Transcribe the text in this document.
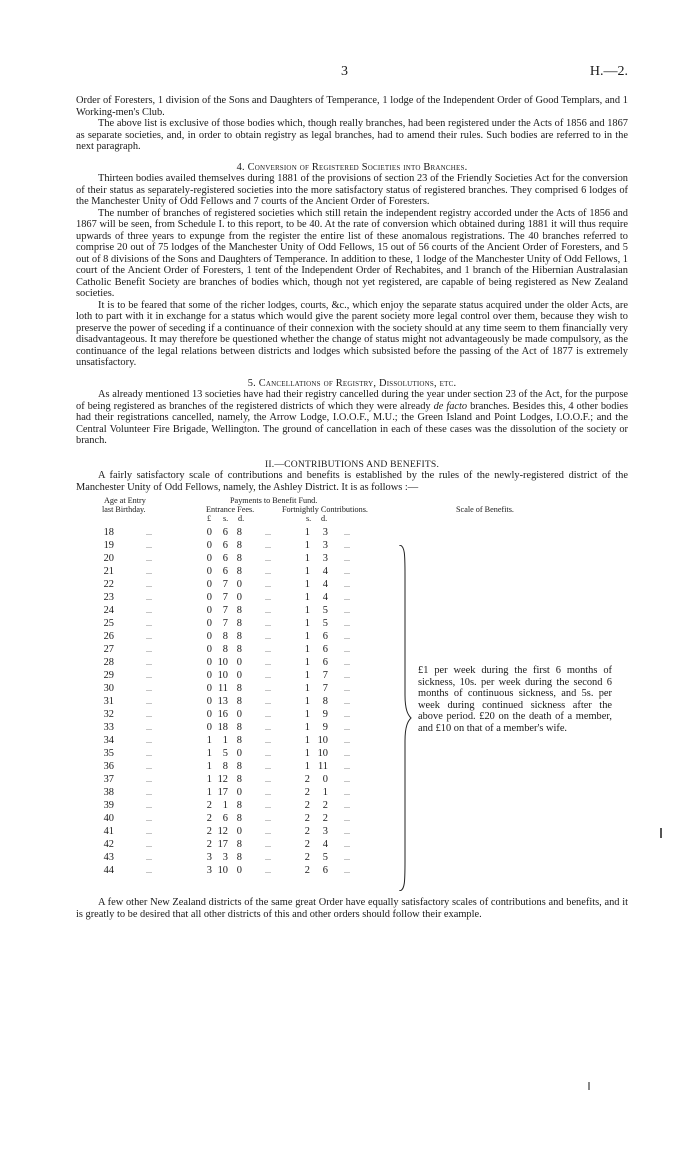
3	H.—2.

Order of Foresters, 1 division of the Sons and Daughters of Temperance, 1 lodge of the Independent Order of Good Templars, and 1 Working-men's Club.

The above list is exclusive of those bodies which, though really branches, had been registered under the Acts of 1856 and 1867 as separate societies, and, in order to obtain registry as legal branches, had to amend their rules. Such bodies are referred to in the next paragraph.

4. Conversion of Registered Societies into Branches.

Thirteen bodies availed themselves during 1881 of the provisions of section 23 of the Friendly Societies Act for the conversion of their status as separately-registered societies into the more satisfactory status of registered branches. They comprised 6 lodges of the Manchester Unity of Odd Fellows and 7 courts of the Ancient Order of Foresters.

The number of branches of registered societies which still retain the independent registry accorded under the Acts of 1856 and 1867 will be seen, from Schedule I. to this report, to be 40. At the rate of conversion which obtained during 1881 it will thus require upwards of three years to expunge from the register the entire list of these anomalous registrations. The 40 branches referred to comprise 20 out of 75 lodges of the Manchester Unity of Odd Fellows, 15 out of 56 courts of the Ancient Order of Foresters, and 5 out of 8 divisions of the Sons and Daughters of Temperance. In addition to these, 1 lodge of the Manchester Unity of Odd Fellows, 1 court of the Ancient Order of Foresters, 1 tent of the Independent Order of Rechabites, and 1 branch of the Hibernian Australasian Catholic Benefit Society are branches of bodies which, though not yet registered, are capable of being registered as New Zealand societies.

It is to be feared that some of the richer lodges, courts, &c., which enjoy the separate status acquired under the older Acts, are loth to part with it in exchange for a status which would give the parent society more legal control over them, because they wish to preserve the power of seceding if a continuance of their connexion with the society should at any time seem to them financially very disadvantageous. It may therefore be questioned whether the change of status might not advantageously be made compulsory, as the continuance of the legal relations between districts and lodges which subsisted before the passing of the Act of 1877 is extremely unsatisfactory.

5. Cancellations of Registry, Dissolutions, etc.

As already mentioned 13 societies have had their registry cancelled during the year under section 23 of the Act, for the purpose of being registered as branches of the registered districts of which they were already de facto branches. Besides this, 4 other bodies had their registrations cancelled, namely, the Arrow Lodge, I.O.O.F., M.U.; the Green Island and Point Lodges, I.O.O.F.; and the Central Volunteer Fire Brigade, Wellington. The ground of cancellation in each of these cases was the dissolution of the society or branch.

II.—CONTRIBUTIONS AND BENEFITS.

A fairly satisfactory scale of contributions and benefits is established by the rules of the newly-registered district of the Manchester Unity of Odd Fellows, namely, the Ashley District. It is as follows :—

Age at Entry
last Birthday.
Payments to Benefit Fund.
Entrance Fees.	Fortnightly Contributions.	Scale of Benefits.
£ s. d.	s. d.
18	...	0	6 8	...	1	3 ...
19	...	0	6 8	...	1	3 ...
20	...	0	6 8	...	1	3 ...
21	...	0	6 8	...	1	4 ...
22	...	0	7 0	...	1	4 ...
23	...	0	7 0	...	1	4 ...
24	...	0	7 8	...	1	5 ...
25	...	0	7 8	...	1	5 ...
26	...	0	8 8	...	1	6 ...
27	...	0	8 8	...	1	6 ...
28	...	0 10 0	...	1	6 ...
29	...	0 10 0	...	1	7 ...
30	...	0 11 8	...	1	7 ...
31	...	0 13 8	...	1	8 ...
32	...	0 16 0	...	1	9 ...
33	...	0 18 8	...	1	9 ...
34	...	1	1 8	...	1 10 ...
35	...	1	5 0	...	1 10 ...
36	...	1	8 8	...	1 11 ...
37	...	1 12 8	...	2	0 ...
38	...	1 17 0	...	2	1 ...
39	...	2	1 8	...	2	2 ...
40	...	2	6 8	...	2	2 ...
41	...	2 12 0	...	2	3 ...
42	...	2 17 8	...	2	4 ...
43	...	3	3 8	...	2	5 ...
44	...	3 10 0	...	2	6 ...

£1 per week during the first 6 months of sickness, 10s. per week during the second 6 months of continuous sickness, and 5s. per week during continued sickness after the above period. £20 on the death of a member, and £10 on that of a member's wife.

A few other New Zealand districts of the same great Order have equally satisfactory scales of contributions and benefits, and it is greatly to be desired that all other districts of this and other orders should follow their example.
